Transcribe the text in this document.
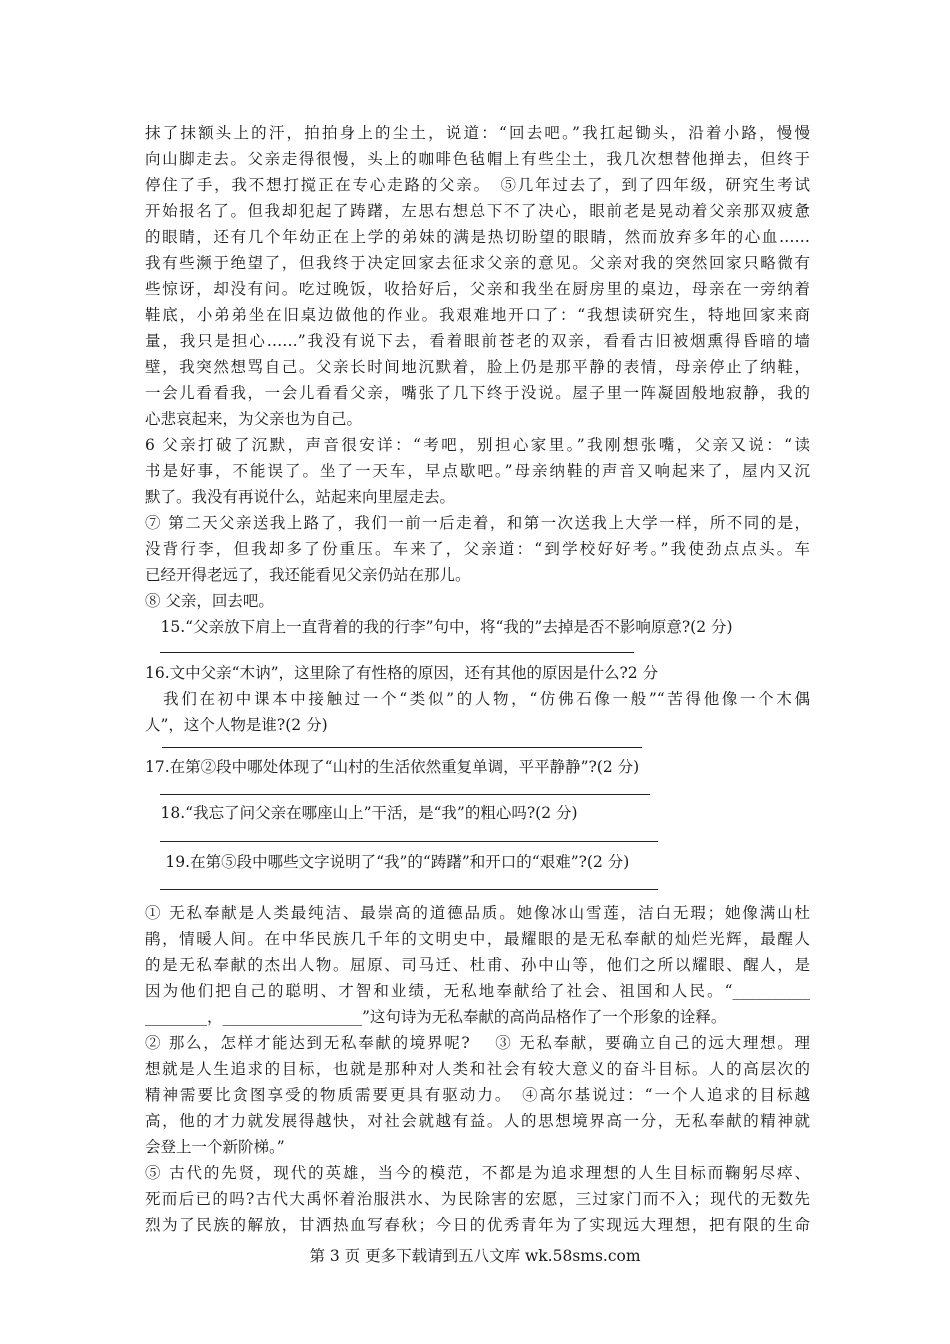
抹了抹额头上的汗，拍拍身上的尘土，说道：“回去吧。”我扛起锄头，沿着小路，慢慢
向山脚走去。父亲走得很慢，头上的咖啡色毡帽上有些尘土，我几次想替他掸去，但终于
停住了手，我不想打搅正在专心走路的父亲。　⑤几年过去了，到了四年级，研究生考试
开始报名了。但我却犯起了踌躇，左思右想总下不了决心，眼前老是晃动着父亲那双疲惫
的眼睛，还有几个年幼正在上学的弟妹的满是热切盼望的眼睛，然而放弃多年的心血……
我有些濒于绝望了，但我终于决定回家去征求父亲的意见。父亲对我的突然回家只略微有
些惊讶，却没有问。吃过晚饭，收拾好后，父亲和我坐在厨房里的桌边，母亲在一旁纳着
鞋底，小弟弟坐在旧桌边做他的作业。我艰难地开口了：“我想读研究生，特地回家来商
量，我只是担心……”我没有说下去，看着眼前苍老的双亲，看看古旧被烟熏得昏暗的墙
壁，我突然想骂自己。父亲长时间地沉默着，脸上仍是那平静的表情，母亲停止了纳鞋，
一会儿看看我，一会儿看看父亲，嘴张了几下终于没说。屋子里一阵凝固般地寂静，我的
心悲哀起来，为父亲也为自己。
6 父亲打破了沉默，声音很安详：“考吧，别担心家里。”我刚想张嘴，父亲又说：“读
书是好事，不能误了。坐了一天车，早点歇吧。”母亲纳鞋的声音又响起来了，屋内又沉
默了。我没有再说什么，站起来向里屋走去。
⑦ 第二天父亲送我上路了，我们一前一后走着，和第一次送我上大学一样，所不同的是，
没背行李，但我却多了份重压。车来了，父亲道：“到学校好好考。”我使劲点点头。车
已经开得老远了，我还能看见父亲仍站在那儿。
⑧ 父亲，回去吧。
　15.“父亲放下肩上一直背着的我的行李”句中，将“我的”去掉是否不影响原意?(2 分)
16.文中父亲“木讷”，这里除了有性格的原因，还有其他的原因是什么?2 分
　我们在初中课本中接触过一个“类似”的人物，“仿佛石像一般”“苦得他像一个木偶
人”，这个人物是谁?(2 分)
17.在第②段中哪处体现了“山村的生活依然重复单调，平平静静”?(2 分)
　18.“我忘了问父亲在哪座山上”干活，是“我”的粗心吗?(2 分)
　 19.在第⑤段中哪些文字说明了“我”的“踌躇”和开口的“艰难”?(2 分)
① 无私奉献是人类最纯洁、最崇高的道德品质。她像冰山雪莲，洁白无瑕；她像满山杜
鹃，情暖人间。在中华民族几千年的文明史中，最耀眼的是无私奉献的灿烂光辉，最醒人
的是无私奉献的杰出人物。屈原、司马迁、杜甫、孙中山等，他们之所以耀眼、醒人，是
因为他们把自己的聪明、才智和业绩，无私地奉献给了社会、祖国和人民。“__________
________，__________________”这句诗为无私奉献的高尚品格作了一个形象的诠释。
② 那么，怎样才能达到无私奉献的境界呢?　 ③ 无私奉献，要确立自己的远大理想。理
想就是人生追求的目标，也就是那种对人类和社会有较大意义的奋斗目标。人的高层次的
精神需要比贪图享受的物质需要更具有驱动力。　④高尔基说过：“一个人追求的目标越
高，他的才力就发展得越快，对社会就越有益。人的思想境界高一分，无私奉献的精神就
会登上一个新阶梯。”
⑤ 古代的先贤，现代的英雄，当今的模范，不都是为追求理想的人生目标而鞠躬尽瘁、
死而后已的吗?古代大禹怀着治服洪水、为民除害的宏愿，三过家门而不入；现代的无数先
烈为了民族的解放，甘洒热血写春秋；今日的优秀青年为了实现远大理想，把有限的生命
第 3 页 更多下载请到五八文库 wk.58sms.com
